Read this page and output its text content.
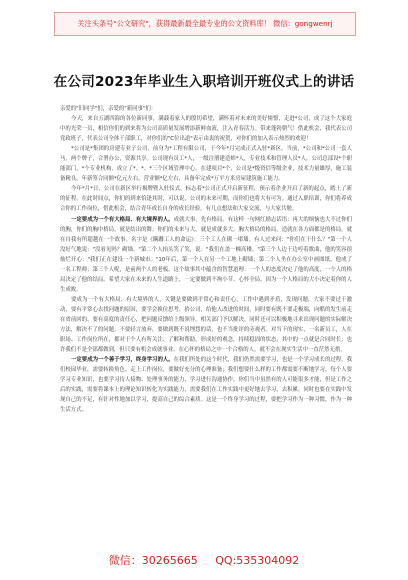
关注头条号"公文研究"，获得最新最全最专业的公文资料库！ 微信：gongwenrj
在公司2023年毕业生入职培训开班仪式上的讲话

亲爱的"旧同学"们，亲爱的"新同事"们：

今天，来自五湖四海的各位新同事，满载着家人的殷切希望，满怀着对未来的美好憧憬，走进*公司，成了这个大家庭中的光荣一员，相信你们的到来将为公司高质量发展增添新鲜血液，注入青春活力。带来蓬勃朝气！借此机会，我代表公司党政班子，代表公司全体干部职工，对你们的"C位出道"表示由衷的祝贺，对你们的加入表示热烈的欢迎！

*公司是*集团的房建专业子公司，前身为*工程有限公司，于今年*月完成正式入驻*新区。当前，*公司和*公司一套人马，两个牌子，合署办公，资源共享。公司现有员工*人，一级注册建造师*人，专业技术和管理人员*人，公司总部设*个职能部门，*个专业机构，成立了*、*、*三个区域管理中心。在建项目*个，公司是*级资信等级企业，技术力量雄厚，施工装备精良，年新签合同额*亿元左右，营业额*亿左右，具备年完成*万平方米房屋建筑施工能力。

今年*月*日，公司在新区举行揭牌暨入驻仪式，标志着*公司正式开启新征程，预示着企业开启了新的起点，踏上了新的征程。在此时间点，你们的到来恰逢其时，可以说，公司的未来可期，而你们也将大有可为。通过入职培训，你们将养成合你的工作岗位，借此机会，结合青年成长自身的成长经验，有几点想法和大家交流，与大家共勉。

一定要成为一个有大格局、有大境界的人。成就大事，先有格局。有这样一句网红励志话语：再大的烦恼也大不过你们的胸，你们的胸中格局，就是结出的舞；你们的未来与大，就是成就多大。胸大格局的格局，造就在各方面都是的格局，就在自我有所超越在一个故事。名字是《蹒跚工人的命运》：三个工人在砌一堵墙。有人过来问："你们在干什么？"第一个人没好气地说："没看见吗？砌墙。"第二个人抬头笑了笑，说："我们在盖一幢高楼。"第三个人边干边哼着歌曲，他的笑容很灿烂开心："我们正在建设一个新城市。"10年后，第一个人在另一个工地上砌墙；第二个人坐在办公室中画图纸，他成了一名工程师；第三个人呢，是前两个人的老板。这个故事其中蕴含的智慧道理：一个人的态度决定了他的高度，一个人的格局决定了他的结局。希望大家在未来的人生道路上，一定要做到不拘小节、心怀全局，因为一个人格局的大小决定着你的人生成败。

要成为一个有大格局、有大境界的人，关键是要做到平常心和责任心。工作中遇到矛盾，发现问题，大家不要过于激动，要有平常心去找问题的原因，要学会换位思考，拾公司，给他人改进的时间，同时要有既不要走极端，向酷的发生前走在省前回的、要有高度的责任心，把问题反馈给上级领导，相关部门予以解决。同时还可以积极地寻求出现问题的实际解决方法，解决不了的问题，不要轻言放弃。要做到既不说埋怨的话，也不当批评的旁观者。对当下的现实，一名新员工，人在职场、工作岗位所在，都对于个人有所关注、了解和帮助，形成好的观念，持续稳固的状态，其中的一点就是合同时长；也许我们不是全部都做到，但只要有机会成就事业、在心怀的格局之中一个合格的人，就不会在现实生活中一直茫然无措。

一定要成为一个善于学习，终身学习的人。在我们所处的这个时代，我们仍然需要学习，也是一个学习成长的过程。我们校园毕业，需要转换角色、走上工作岗位，要做好充分的心理准备；我们想要什么样的工作都需要不断地学习。每个人要学习专业知识，也要学习待人接物、处理事务的能力，学习进行沟通协作。你们当中虽然有的人可能很多才能，但是工作之后的实践，需要将课本上的理论知识转化为实践能力，需要我们在工作实践中更好地去学习，去积累。同时也要在实践中发现自己的不足，有针对性地加以学习，提高自己的综合素质。这是一个终身学习的过程，要把学习作为一种习惯，作为一种生活方式。

微信：30265665 QQ:535304092
